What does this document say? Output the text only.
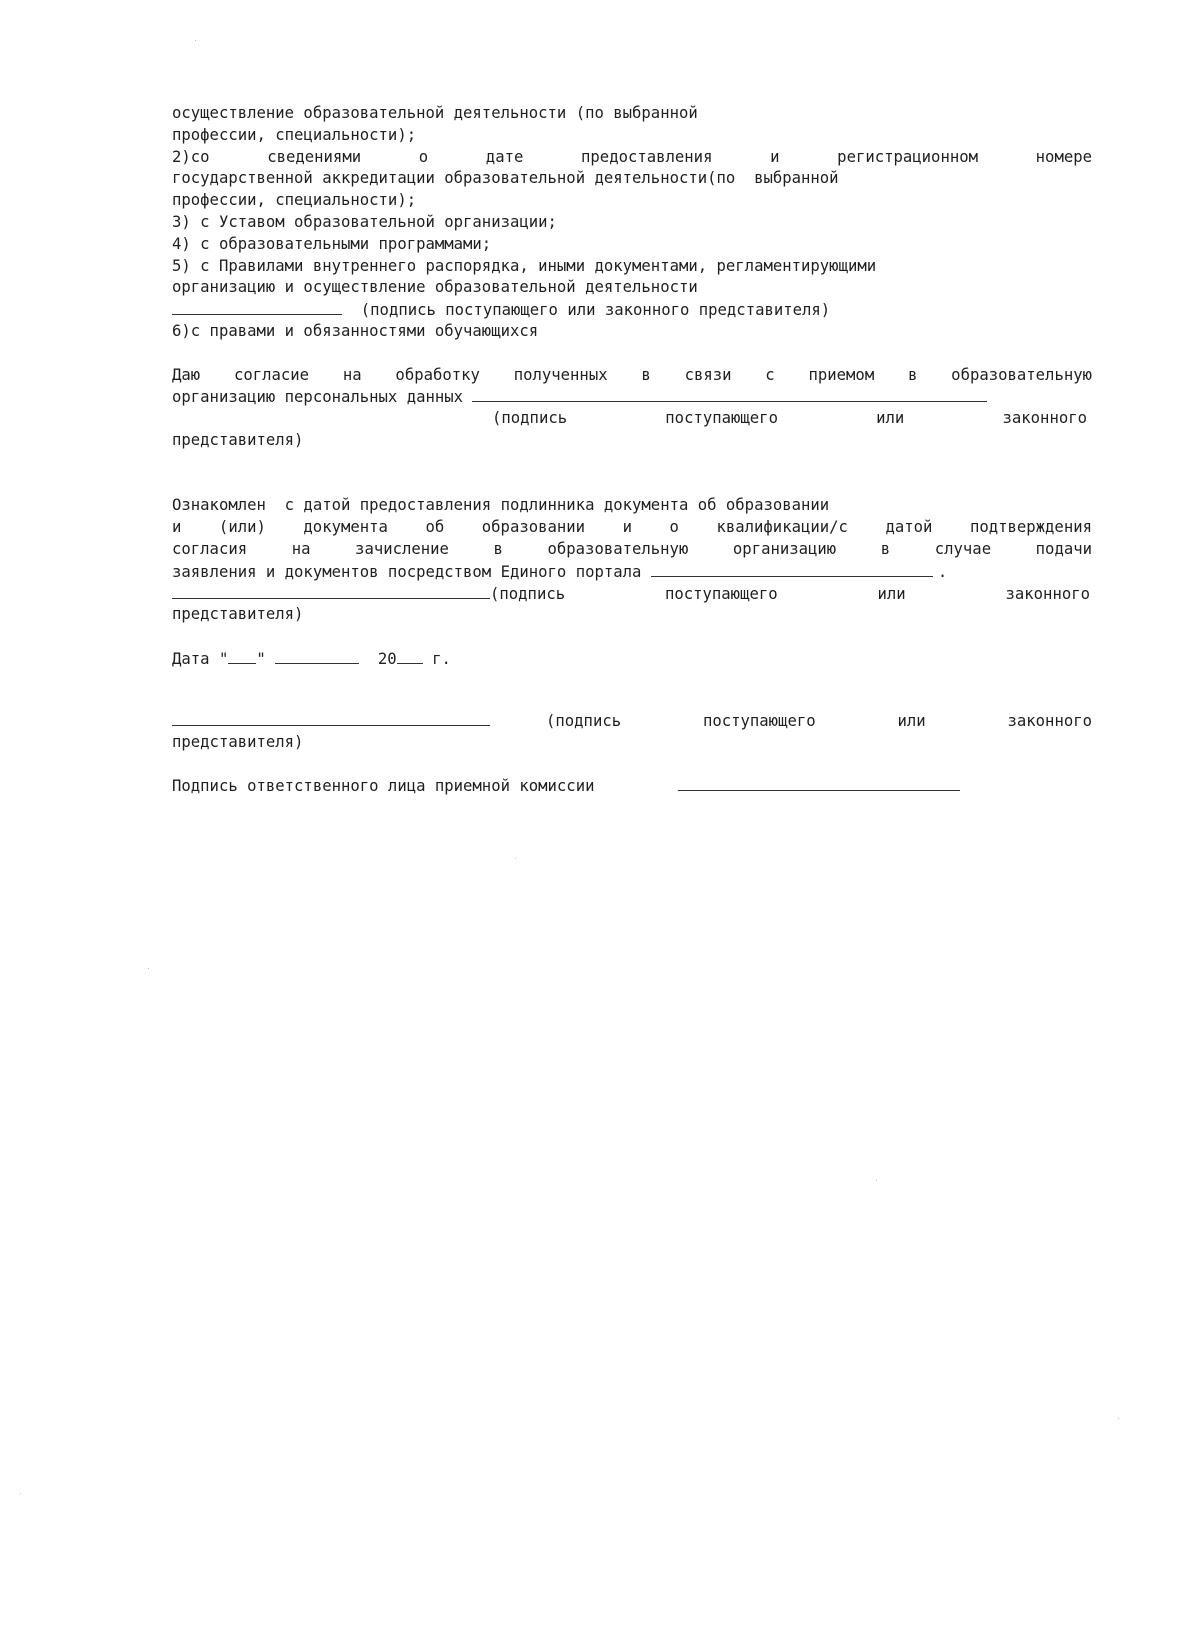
осуществление образовательной деятельности (по выбранной
профессии, специальности);
2)со сведениями о дате предоставления и регистрационном номере
государственной аккредитации образовательной деятельности(по  выбранной
профессии, специальности);
3) с Уставом образовательной организации;
4) с образовательными программами;
5) с Правилами внутреннего распорядка, иными документами, регламентирующими
организацию и осуществление образовательной деятельности
(подпись поступающего или законного представителя)
6)с правами и обязанностями обучающихся
Даю согласие на обработку полученных в связи с приемом в образовательную
организацию персональных данных
(подпись поступающего или законного
представителя)
Ознакомлен  с датой предоставления подлинника документа об образовании
и (или) документа об образовании и о квалификации/с датой подтверждения
согласия на зачисление в образовательную организацию в случае подачи
заявления и документов посредством Единого портала	.
(подпись поступающего или законного
представителя)
Дата " "	20 г.
(подпись поступающего или законного
представителя)
Подпись ответственного лица приемной комиссии
